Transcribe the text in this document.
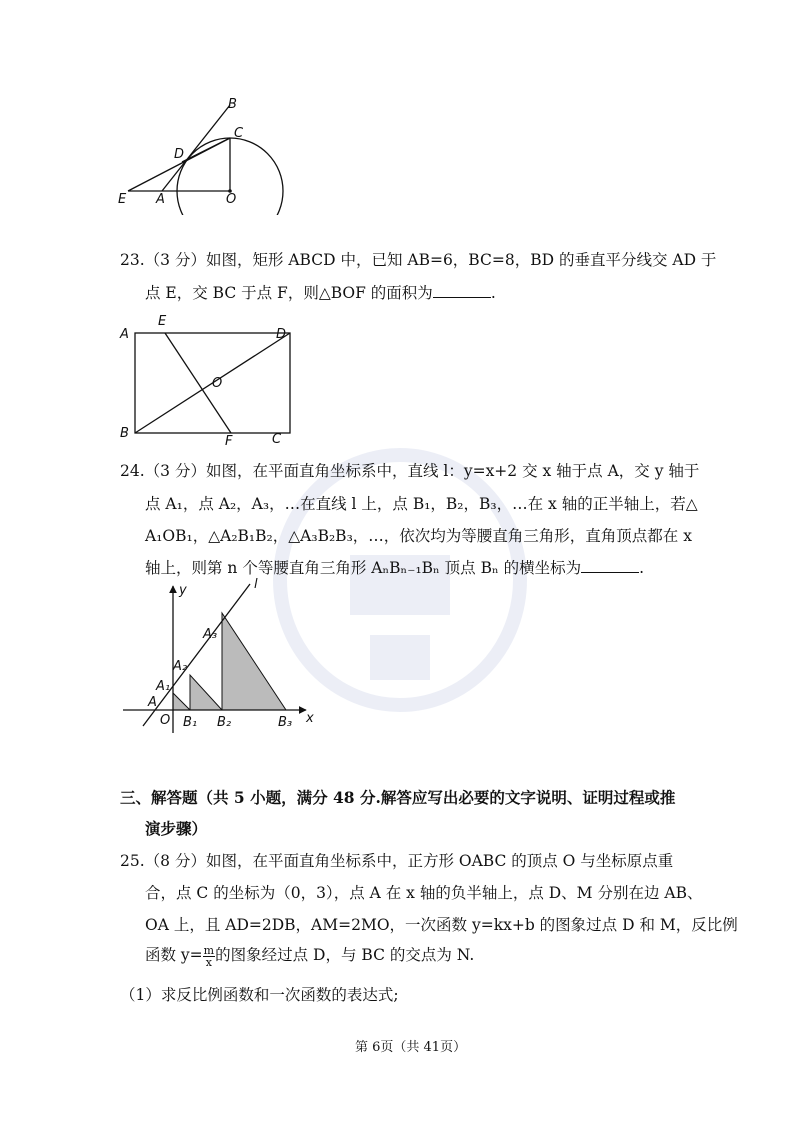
B
C
D
E A	O
23.（3 分）如图，矩形 ABCD 中，已知 AB=6，BC=8，BD 的垂直平分线交 AD 于
点 E，交 BC 于点 F，则△BOF 的面积为	.
A
E
D
O
B
F	C
24.（3 分）如图，在平面直角坐标系中，直线 l：y=x+2 交 x 轴于点 A，交 y 轴于
点 A₁，点 A₂，A₃，…在直线 l 上，点 B₁，B₂，B₃，…在 x 轴的正半轴上，若△
A₁OB₁，△A₂B₁B₂，△A₃B₂B₃，…，依次均为等腰直角三角形，直角顶点都在 x
轴上，则第 n 个等腰直角三角形 AₙBₙ₋₁Bₙ 顶点 Bₙ 的横坐标为	.
y	l
A₃
A₂
A₁
A
O B₁ B₂	B₃ x
三、解答题（共 5 小题，满分 48 分.解答应写出必要的文字说明、证明过程或推
演步骤）
25.（8 分）如图，在平面直角坐标系中，正方形 OABC 的顶点 O 与坐标原点重
合，点 C 的坐标为（0，3），点 A 在 x 轴的负半轴上，点 D、M 分别在边 AB、
OA 上，且 AD=2DB，AM=2MO，一次函数 y=kx+b 的图象过点 D 和 M，反比例
函数 $y= \frac{m}{x}$ 的图象经过点 D，与 BC 的交点为 N.
（1）求反比例函数和一次函数的表达式;
第 6页（共 41页）
